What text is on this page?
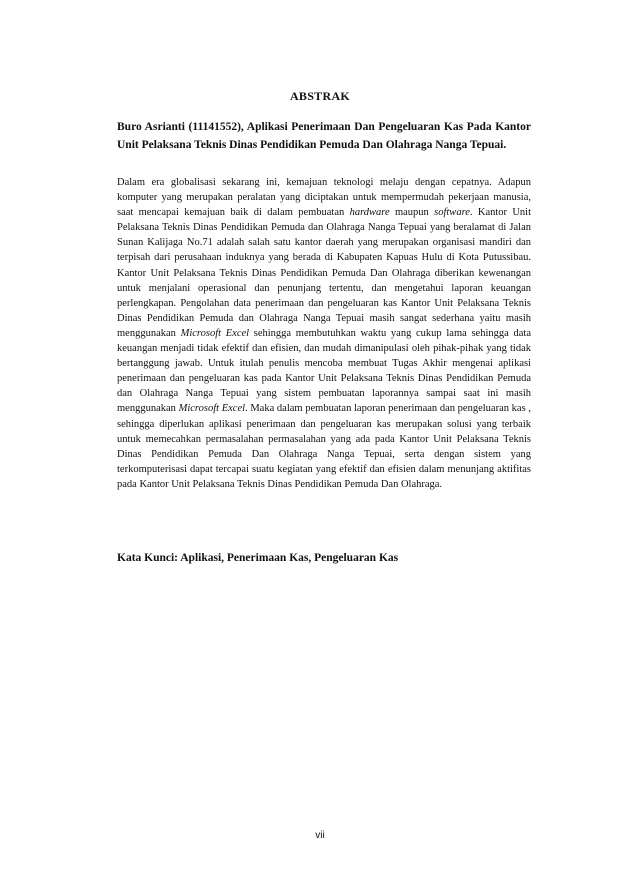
ABSTRAK
Buro Asrianti (11141552), Aplikasi Penerimaan Dan Pengeluaran Kas Pada Kantor Unit Pelaksana Teknis Dinas Pendidikan Pemuda Dan Olahraga Nanga Tepuai.
Dalam era globalisasi sekarang ini, kemajuan teknologi melaju dengan cepatnya. Adapun komputer yang merupakan peralatan yang diciptakan untuk mempermudah pekerjaan manusia, saat mencapai kemajuan baik di dalam pembuatan hardware maupun software. Kantor Unit Pelaksana Teknis Dinas Pendidikan Pemuda dan Olahraga Nanga Tepuai yang beralamat di Jalan Sunan Kalijaga No.71 adalah salah satu kantor daerah yang merupakan organisasi mandiri dan terpisah dari perusahaan induknya yang berada di Kabupaten Kapuas Hulu di Kota Putussibau. Kantor Unit Pelaksana Teknis Dinas Pendidikan Pemuda Dan Olahraga diberikan kewenangan untuk menjalani operasional dan penunjang tertentu, dan mengetahui laporan keuangan perlengkapan. Pengolahan data penerimaan dan pengeluaran kas Kantor Unit Pelaksana Teknis Dinas Pendidikan Pemuda dan Olahraga Nanga Tepuai masih sangat sederhana yaitu masih menggunakan Microsoft Excel sehingga membutuhkan waktu yang cukup lama sehingga data keuangan menjadi tidak efektif dan efisien, dan mudah dimanipulasi oleh pihak-pihak yang tidak bertanggung jawab. Untuk itulah penulis mencoba membuat Tugas Akhir mengenai aplikasi penerimaan dan pengeluaran kas pada Kantor Unit Pelaksana Teknis Dinas Pendidikan Pemuda dan Olahraga Nanga Tepuai yang sistem pembuatan laporannya sampai saat ini masih menggunakan Microsoft Excel. Maka dalam pembuatan laporan penerimaan dan pengeluaran kas , sehingga diperlukan aplikasi penerimaan dan pengeluaran kas merupakan solusi yang terbaik untuk memecahkan permasalahan permasalahan yang ada pada Kantor Unit Pelaksana Teknis Dinas Pendidikan Pemuda Dan Olahraga Nanga Tepuai, serta dengan sistem yang terkomputerisasi dapat tercapai suatu kegiatan yang efektif dan efisien dalam menunjang aktifitas pada Kantor Unit Pelaksana Teknis Dinas Pendidikan Pemuda Dan Olahraga.
Kata Kunci: Aplikasi, Penerimaan Kas, Pengeluaran Kas
vii
